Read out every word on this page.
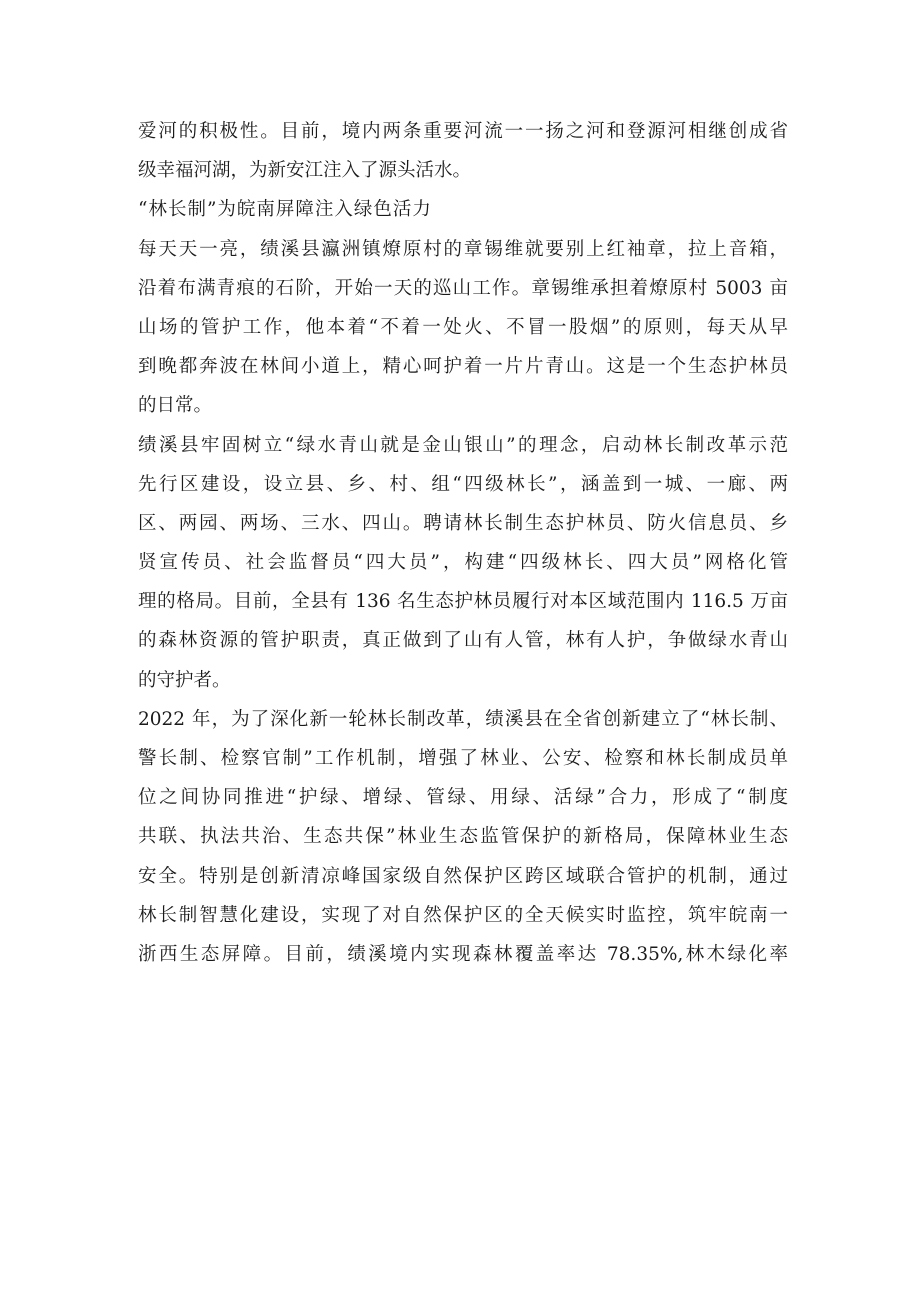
爱河的积极性。目前，境内两条重要河流一一扬之河和登源河相继创成省
级幸福河湖，为新安江注入了源头活水。
“林长制”为皖南屏障注入绿色活力
每天天一亮，绩溪县瀛洲镇燎原村的章锡维就要别上红袖章，拉上音箱，
沿着布满青痕的石阶，开始一天的巡山工作。章锡维承担着燎原村 5003 亩
山场的管护工作，他本着“不着一处火、不冒一股烟”的原则，每天从早
到晚都奔波在林间小道上，精心呵护着一片片青山。这是一个生态护林员
的日常。
绩溪县牢固树立“绿水青山就是金山银山”的理念，启动林长制改革示范
先行区建设，设立县、乡、村、组“四级林长”，涵盖到一城、一廊、两
区、两园、两场、三水、四山。聘请林长制生态护林员、防火信息员、乡
贤宣传员、社会监督员“四大员”，构建“四级林长、四大员”网格化管
理的格局。目前，全县有 136 名生态护林员履行对本区域范围内 116.5 万亩
的森林资源的管护职责，真正做到了山有人管，林有人护，争做绿水青山
的守护者。
2022 年，为了深化新一轮林长制改革，绩溪县在全省创新建立了“林长制、
警长制、检察官制”工作机制，增强了林业、公安、检察和林长制成员单
位之间协同推进“护绿、增绿、管绿、用绿、活绿”合力，形成了“制度
共联、执法共治、生态共保”林业生态监管保护的新格局，保障林业生态
安全。特别是创新清凉峰国家级自然保护区跨区域联合管护的机制，通过
林长制智慧化建设，实现了对自然保护区的全天候实时监控，筑牢皖南一
浙西生态屏障。目前，绩溪境内实现森林覆盖率达 78.35%,林木绿化率
